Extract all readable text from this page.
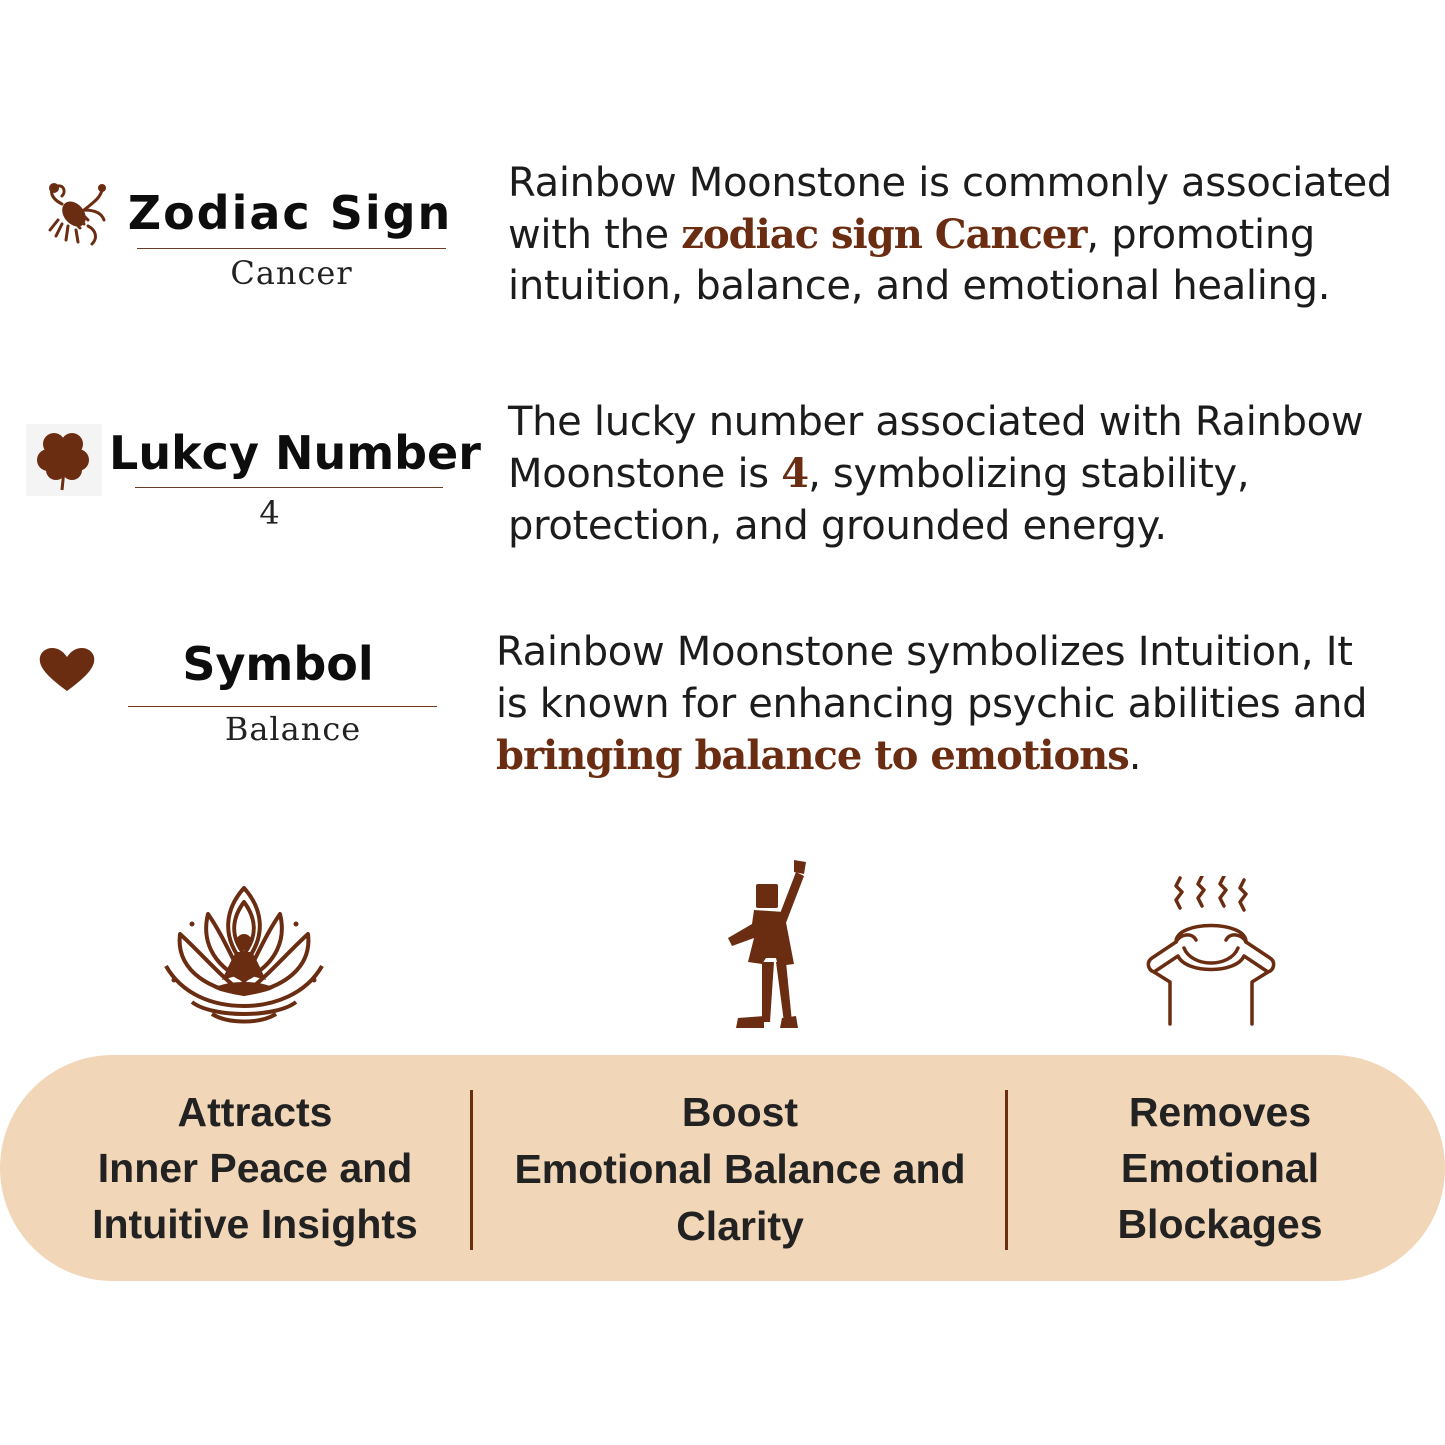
Zodiac Sign
Cancer
Rainbow Moonstone is commonly associated with the zodiac sign Cancer, promoting intuition, balance, and emotional healing.
Lukcy Number
4
The lucky number associated with Rainbow Moonstone is 4, symbolizing stability, protection, and grounded energy.
Symbol
Balance
Rainbow Moonstone symbolizes Intuition, It is known for enhancing psychic abilities and bringing balance to emotions.
Attracts
Inner Peace and
Intuitive Insights
Boost
Emotional Balance and
Clarity
Removes
Emotional
Blockages
